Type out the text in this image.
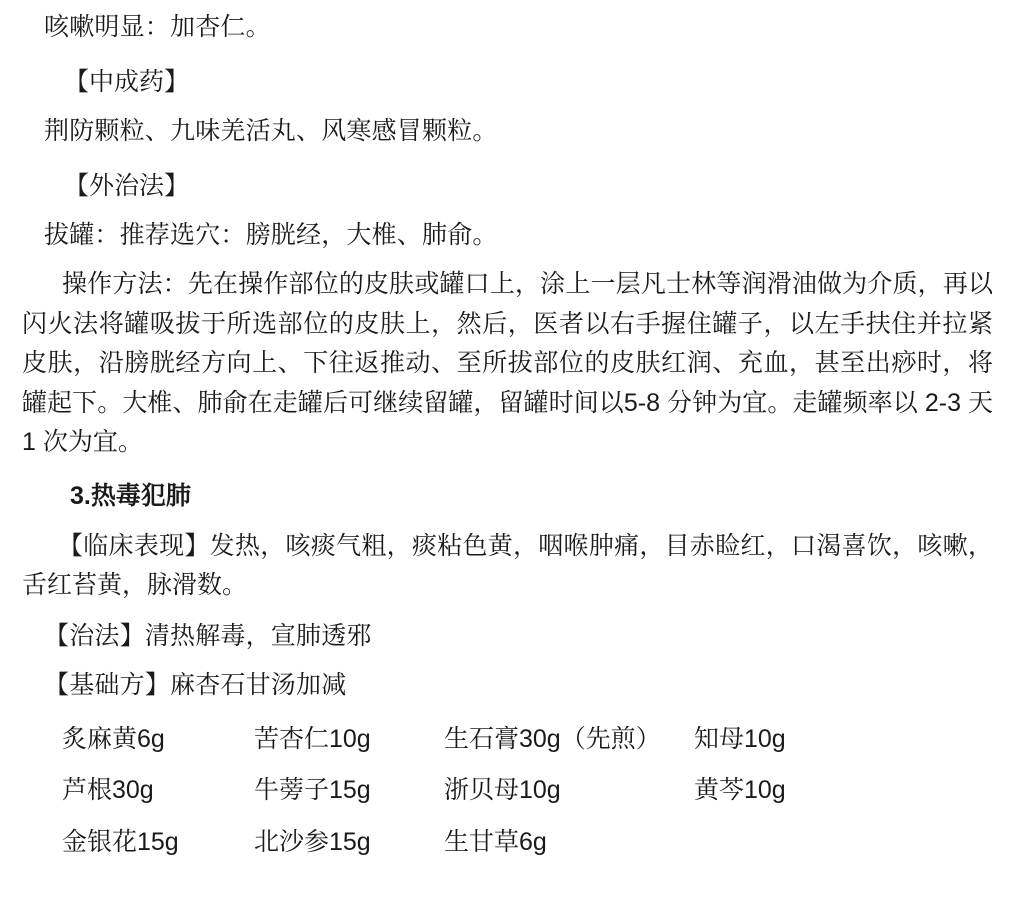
咳嗽明显：加杏仁。

【中成药】

荆防颗粒、九味羌活丸、风寒感冒颗粒。

【外治法】

拔罐：推荐选穴：膀胱经，大椎、肺俞。

操作方法：先在操作部位的皮肤或罐口上，涂上一层凡士林等润滑油做为介质，再以闪火法将罐吸拔于所选部位的皮肤上，然后，医者以右手握住罐子，以左手扶住并拉紧皮肤，沿膀胱经方向上、下往返推动、至所拔部位的皮肤红润、充血，甚至出痧时，将罐起下。大椎、肺俞在走罐后可继续留罐，留罐时间以5-8 分钟为宜。走罐频率以 2-3 天 1 次为宜。

3.热毒犯肺

【临床表现】发热，咳痰气粗，痰粘色黄，咽喉肿痛，目赤睑红，口渴喜饮，咳嗽，舌红苔黄，脉滑数。

【治法】清热解毒，宣肺透邪

【基础方】麻杏石甘汤加减

炙麻黄6g	苦杏仁10g	生石膏30g（先煎）	知母10g
芦根30g	牛蒡子15g	浙贝母10g	黄芩10g
金银花15g	北沙参15g	生甘草6g
